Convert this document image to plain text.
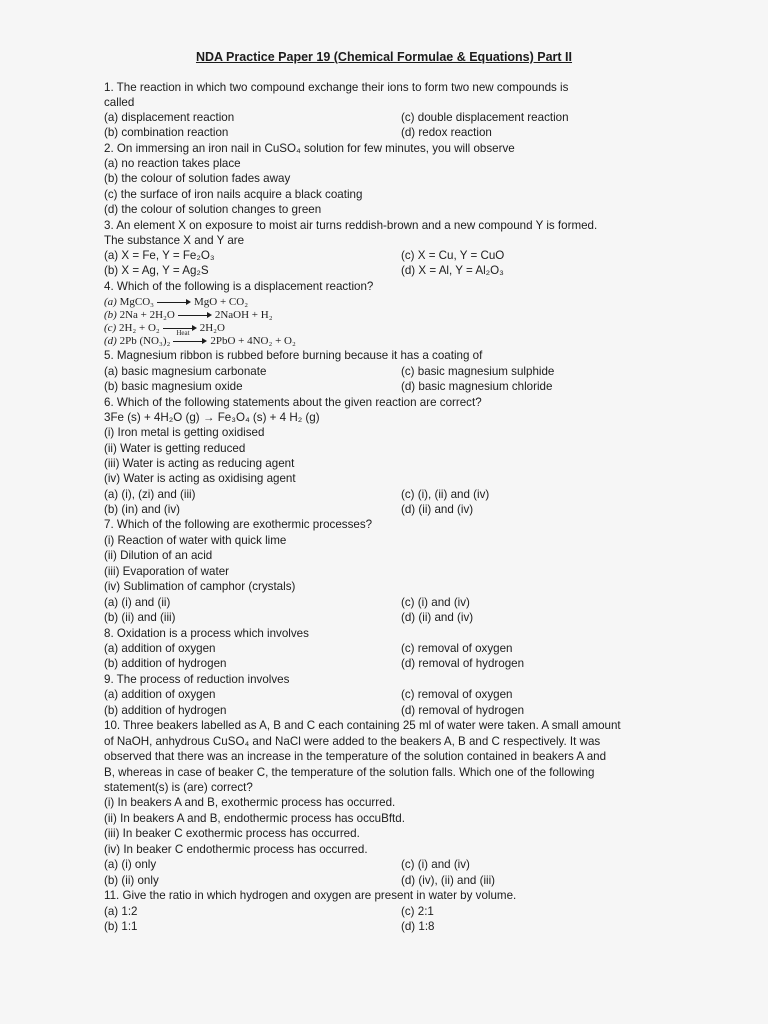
NDA Practice Paper 19 (Chemical Formulae & Equations) Part II
1. The reaction in which two compound exchange their ions to form two new compounds is
called
(a) displacement reaction	(c) double displacement reaction
(b) combination reaction	(d) redox reaction
2. On immersing an iron nail in CuSO₄ solution for few minutes, you will observe
(a) no reaction takes place
(b) the colour of solution fades away
(c) the surface of iron nails acquire a black coating
(d) the colour of solution changes to green
3. An element X on exposure to moist air turns reddish-brown and a new compound Y is formed.
The substance X and Y are
(a) X = Fe, Y = Fe₂O₃	(c) X = Cu, Y = CuO
(b) X = Ag, Y = Ag₂S	(d) X = Al, Y = Al₂O₃
4. Which of the following is a displacement reaction?
(a) MgCO₃	MgO + CO₂
(b) 2Na + 2H₂O	2NaOH + H₂
(c) 2H₂ + O₂	2H₂O
(d) 2Pb (NO₃)₂
Heat
2PbO + 4NO₂ + O₂
5. Magnesium ribbon is rubbed before burning because it has a coating of
(a) basic magnesium carbonate	(c) basic magnesium sulphide
(b) basic magnesium oxide	(d) basic magnesium chloride
6. Which of the following statements about the given reaction are correct?
3Fe (s) + 4H₂O (g) → Fe₃O₄ (s) + 4 H₂ (g)
(i) Iron metal is getting oxidised
(ii) Water is getting reduced
(iii) Water is acting as reducing agent
(iv) Water is acting as oxidising agent
(a) (i), (zi) and (iii)	(c) (i), (ii) and (iv)
(b) (in) and (iv)	(d) (ii) and (iv)
7. Which of the following are exothermic processes?
(i) Reaction of water with quick lime
(ii) Dilution of an acid
(iii) Evaporation of water
(iv) Sublimation of camphor (crystals)
(a) (i) and (ii)	(c) (i) and (iv)
(b) (ii) and (iii)	(d) (ii) and (iv)
8. Oxidation is a process which involves
(a) addition of oxygen	(c) removal of oxygen
(b) addition of hydrogen	(d) removal of hydrogen
9. The process of reduction involves
(a) addition of oxygen	(c) removal of oxygen
(b) addition of hydrogen	(d) removal of hydrogen
10. Three beakers labelled as A, B and C each containing 25 ml of water were taken. A small amount
of NaOH, anhydrous CuSO₄ and NaCl were added to the beakers A, B and C respectively. It was
observed that there was an increase in the temperature of the solution contained in beakers A and
B, whereas in case of beaker C, the temperature of the solution falls. Which one of the following
statement(s) is (are) correct?
(i) In beakers A and B, exothermic process has occurred.
(ii) In beakers A and B, endothermic process has occuBftd.
(iii) In beaker C exothermic process has occurred.
(iv) In beaker C endothermic process has occurred.
(a) (i) only	(c) (i) and (iv)
(b) (ii) only	(d) (iv), (ii) and (iii)
11. Give the ratio in which hydrogen and oxygen are present in water by volume.
(a) 1:2	(c) 2:1
(b) 1:1	(d) 1:8
